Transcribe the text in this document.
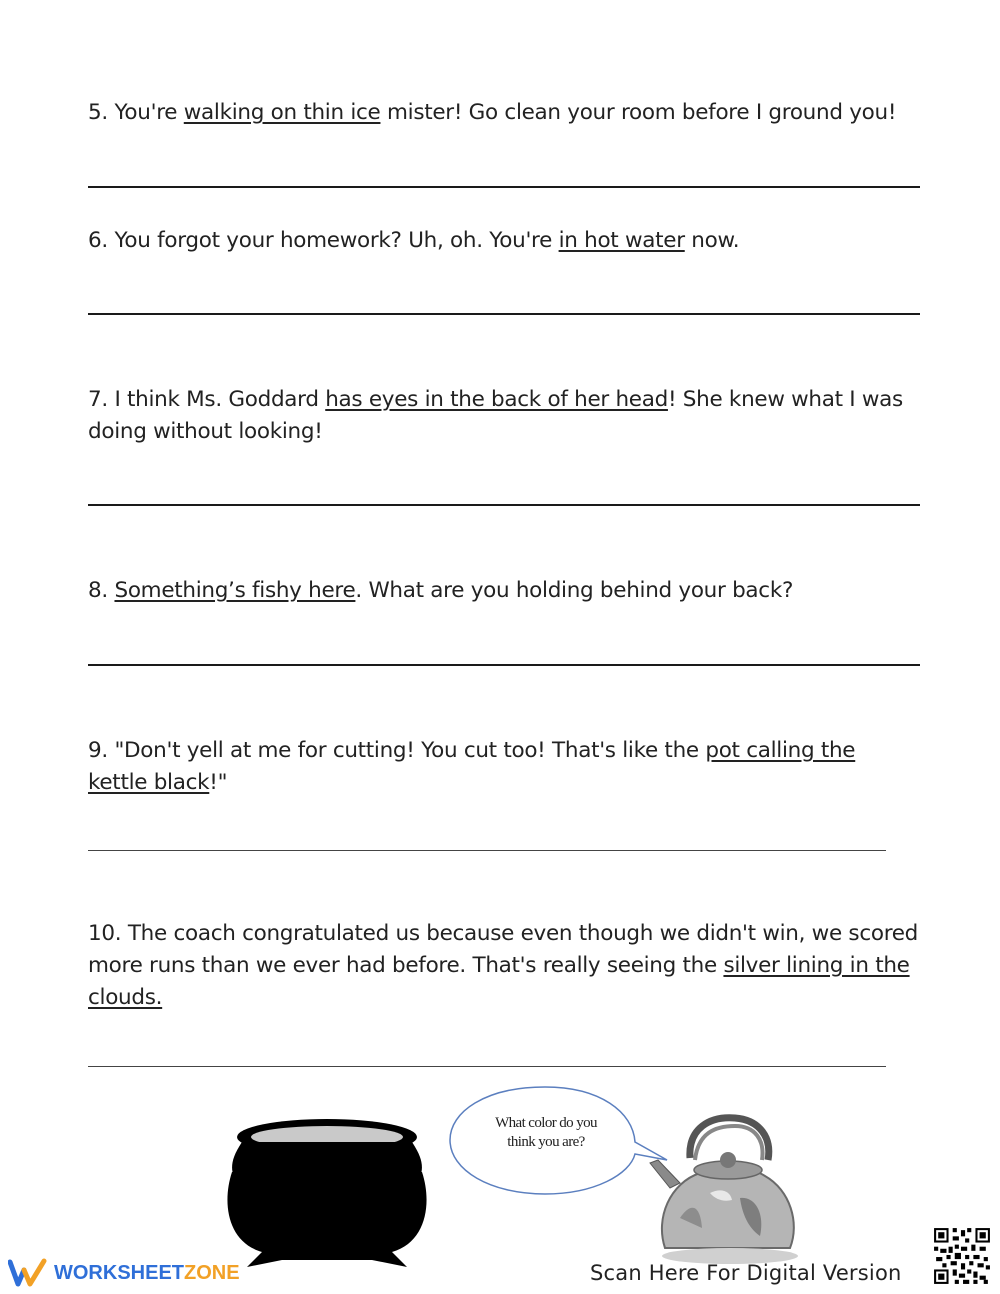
5. You're walking on thin ice mister! Go clean your room before I ground you!
6. You forgot your homework? Uh, oh. You're in hot water now.
7. I think Ms. Goddard has eyes in the back of her head! She knew what I was doing without looking!
8. Something’s fishy here. What are you holding behind your back?
9. "Don't yell at me for cutting! You cut too! That's like the pot calling the kettle black!"
10. The coach congratulated us because even though we didn't win, we scored more runs than we ever had before. That's really seeing the silver lining in the clouds.
What color do you think you are?
WORKSHEETZONE	Scan Here For Digital Version
